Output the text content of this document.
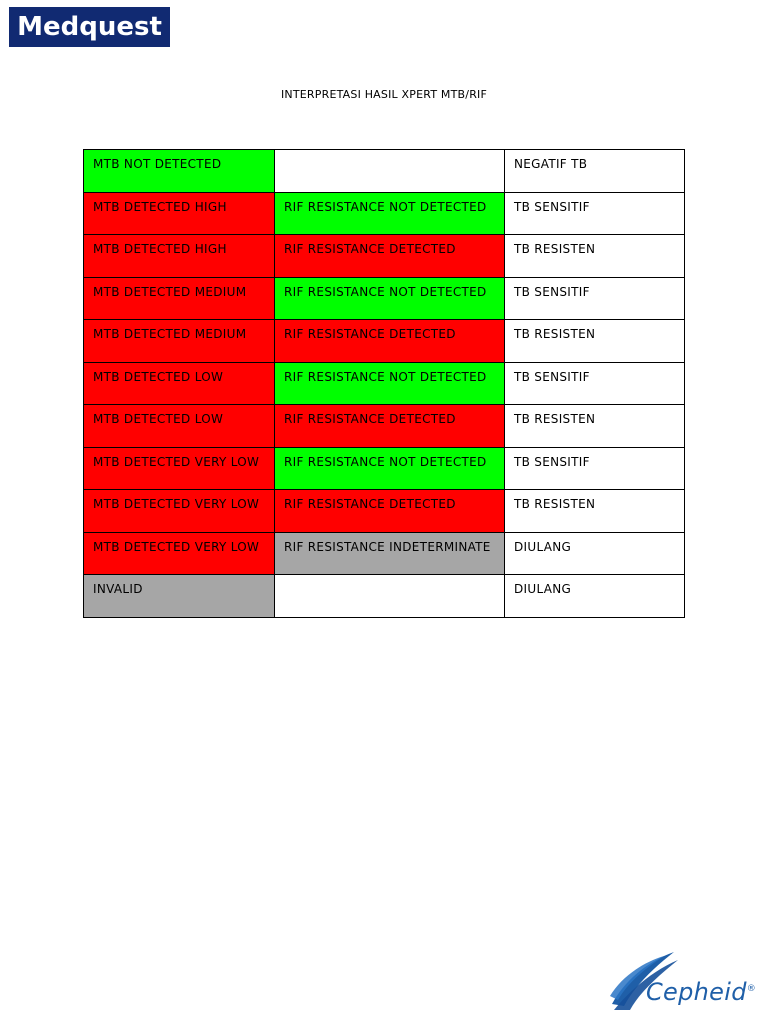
Medquest
INTERPRETASI HASIL XPERT MTB/RIF
MTB NOT DETECTED		NEGATIF TB
MTB DETECTED HIGH	RIF RESISTANCE NOT DETECTED	TB SENSITIF
MTB DETECTED HIGH	RIF RESISTANCE DETECTED	TB RESISTEN
MTB DETECTED MEDIUM	RIF RESISTANCE NOT DETECTED	TB SENSITIF
MTB DETECTED MEDIUM	RIF RESISTANCE DETECTED	TB RESISTEN
MTB DETECTED LOW	RIF RESISTANCE NOT DETECTED	TB SENSITIF
MTB DETECTED LOW	RIF RESISTANCE DETECTED	TB RESISTEN
MTB DETECTED VERY LOW	RIF RESISTANCE NOT DETECTED	TB SENSITIF
MTB DETECTED VERY LOW	RIF RESISTANCE DETECTED	TB RESISTEN
MTB DETECTED VERY LOW	RIF RESISTANCE INDETERMINATE	DIULANG
INVALID		DIULANG
Cepheid®
